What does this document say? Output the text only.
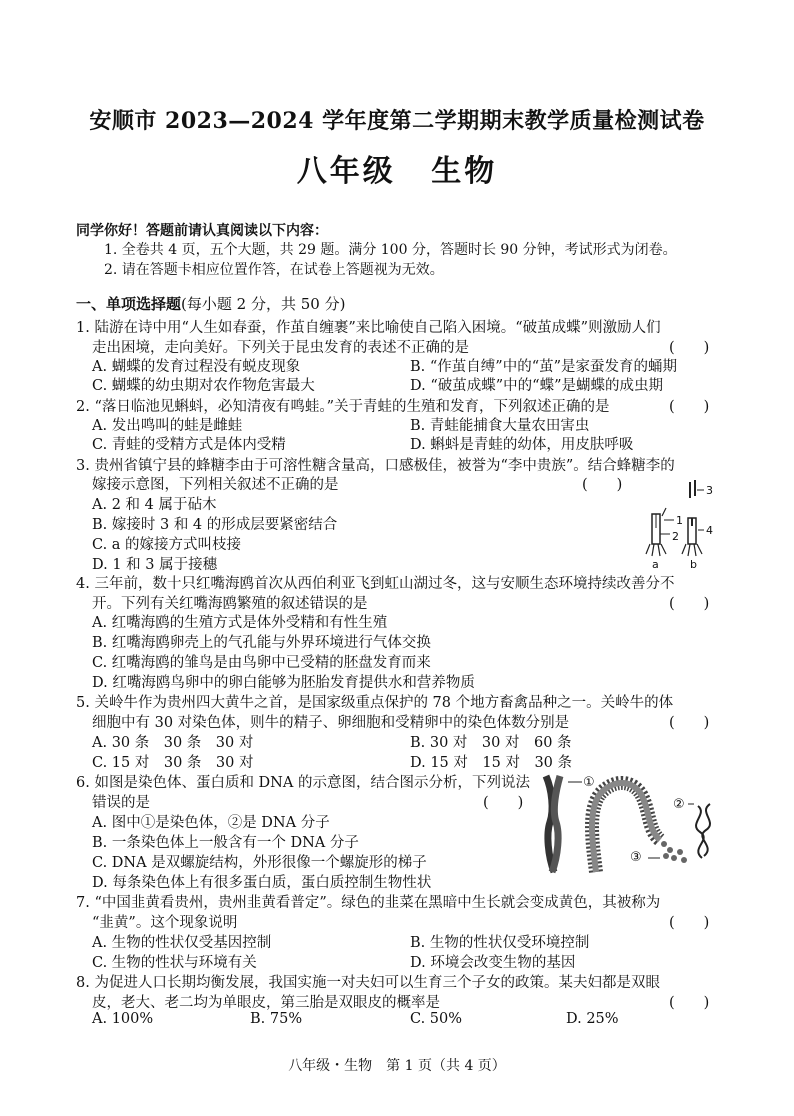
安顺市 2023—2024 学年度第二学期期末教学质量检测试卷
八年级 生物
同学你好！答题前请认真阅读以下内容：
1. 全卷共 4 页，五个大题，共 29 题。满分 100 分，答题时长 90 分钟，考试形式为闭卷。
2. 请在答题卡相应位置作答，在试卷上答题视为无效。
一、单项选择题(每小题 2 分，共 50 分)
1. 陆游在诗中用“人生如春蚕，作茧自缠裹”来比喻使自己陷入困境。“破茧成蝶”则激励人们
走出困境，走向美好。下列关于昆虫发育的表述不正确的是	(　　)
A. 蝴蝶的发育过程没有蜕皮现象	B. “作茧自缚”中的“茧”是家蚕发育的蛹期
C. 蝴蝶的幼虫期对农作物危害最大	D. “破茧成蝶”中的“蝶”是蝴蝶的成虫期
2. “落日临池见蝌蚪，必知清夜有鸣蛙。”关于青蛙的生殖和发育，下列叙述正确的是	(　　)
A. 发出鸣叫的蛙是雌蛙	B. 青蛙能捕食大量农田害虫
C. 青蛙的受精方式是体内受精	D. 蝌蚪是青蛙的幼体，用皮肤呼吸
3. 贵州省镇宁县的蜂糖李由于可溶性糖含量高，口感极佳，被誉为“李中贵族”。结合蜂糖李的
嫁接示意图，下列相关叙述不正确的是	(　　)
A. 2 和 4 属于砧木
B. 嫁接时 3 和 4 的形成层要紧密结合
C. a 的嫁接方式叫枝接
D. 1 和 3 属于接穗
3
1
2 4
a	b
4. 三年前，数十只红嘴海鸥首次从西伯利亚飞到虹山湖过冬，这与安顺生态环境持续改善分不
开。下列有关红嘴海鸥繁殖的叙述错误的是	(　　)
A. 红嘴海鸥的生殖方式是体外受精和有性生殖
B. 红嘴海鸥卵壳上的气孔能与外界环境进行气体交换
C. 红嘴海鸥的雏鸟是由鸟卵中已受精的胚盘发育而来
D. 红嘴海鸥鸟卵中的卵白能够为胚胎发育提供水和营养物质
5. 关岭牛作为贵州四大黄牛之首，是国家级重点保护的 78 个地方畜禽品种之一。关岭牛的体
细胞中有 30 对染色体，则牛的精子、卵细胞和受精卵中的染色体数分别是	(　　)
A. 30 条　30 条　30 对	B. 30 对　30 对　60 条
C. 15 对　30 条　30 对	D. 15 对　15 对　30 条
6. 如图是染色体、蛋白质和 DNA 的示意图，结合图示分析，下列说法
错误的是	(　　)
A. 图中①是染色体，②是 DNA 分子
B. 一条染色体上一般含有一个 DNA 分子
C. DNA 是双螺旋结构，外形很像一个螺旋形的梯子
D. 每条染色体上有很多蛋白质，蛋白质控制生物性状
①
②
③
7. “中国韭黄看贵州，贵州韭黄看普定”。绿色的韭菜在黑暗中生长就会变成黄色，其被称为
“韭黄”。这个现象说明	(　　)
A. 生物的性状仅受基因控制	B. 生物的性状仅受环境控制
C. 生物的性状与环境有关	D. 环境会改变生物的基因
8. 为促进人口长期均衡发展，我国实施一对夫妇可以生育三个子女的政策。某夫妇都是双眼
皮，老大、老二均为单眼皮，第三胎是双眼皮的概率是	(　　)
A. 100%	B. 75%	C. 50%	D. 25%
八年级・生物　第 1 页（共 4 页）
